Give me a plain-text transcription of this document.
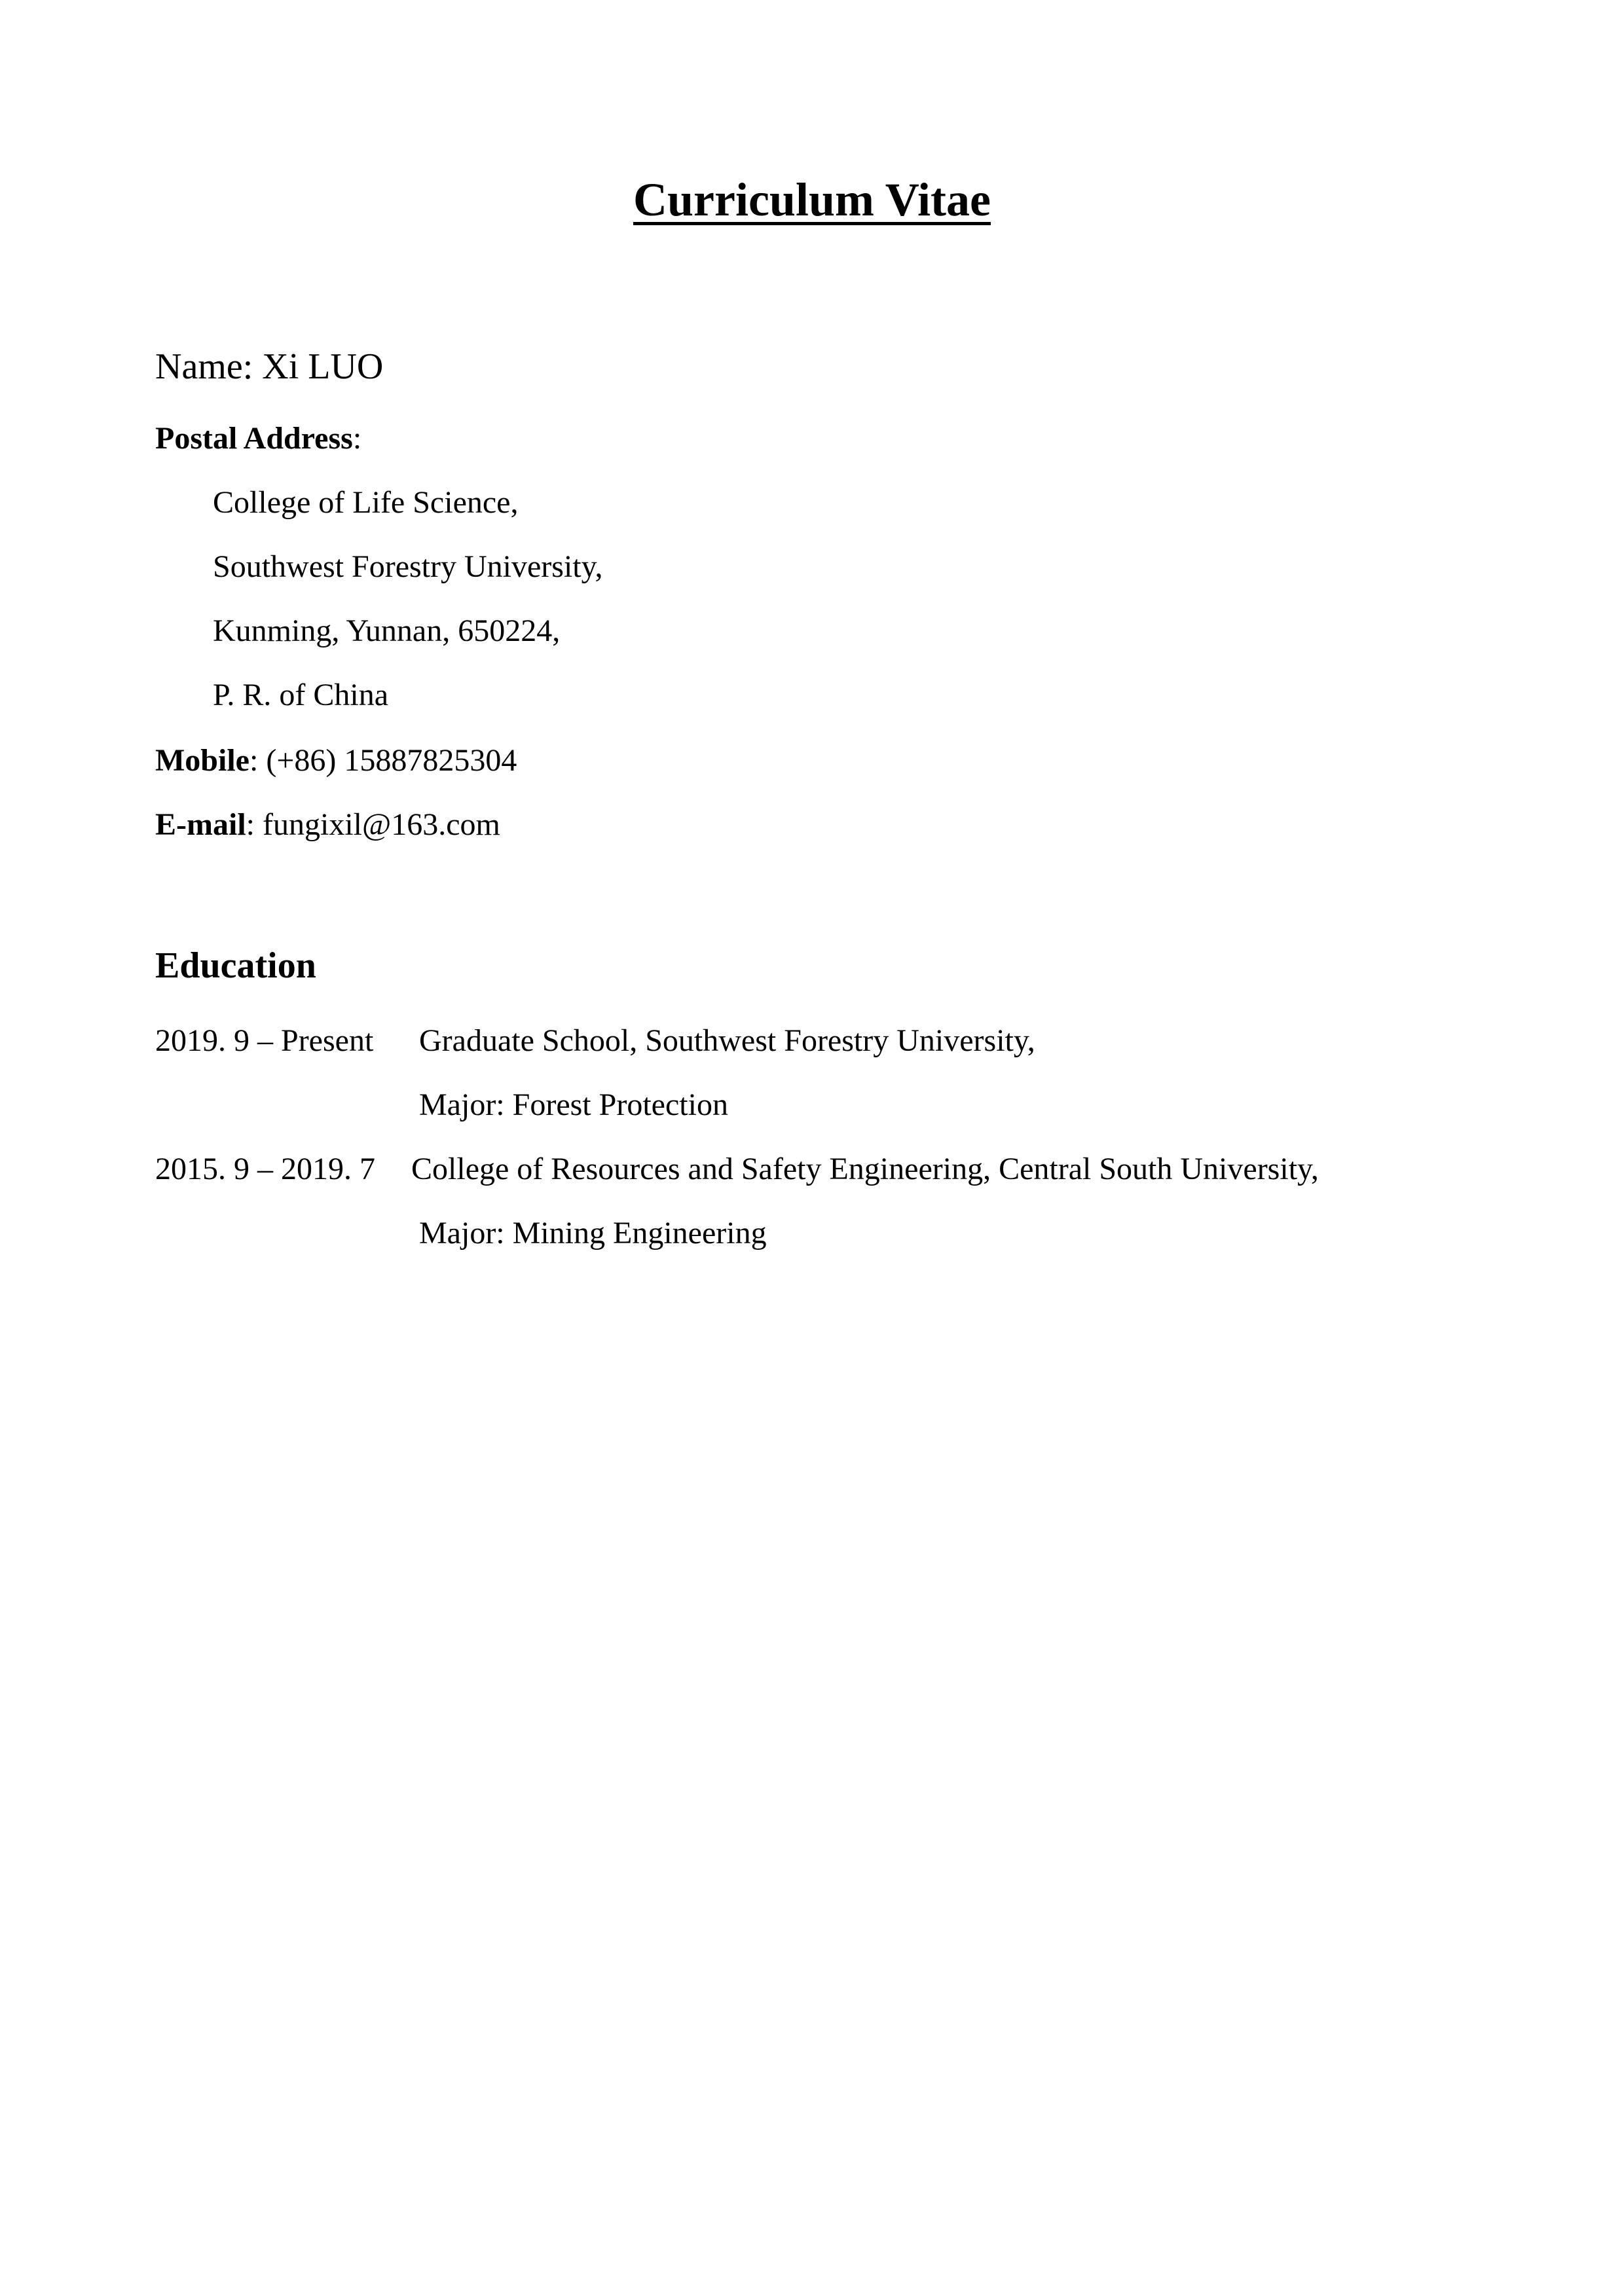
Curriculum Vitae
Name: Xi LUO
Postal Address:
College of Life Science,
Southwest Forestry University,
Kunming, Yunnan, 650224,
P. R. of China
Mobile: (+86) 15887825304
E-mail: fungixil@163.com
Education
2019. 9 – Present Graduate School, Southwest Forestry University,
Major: Forest Protection
2015. 9 – 2019. 7 College of Resources and Safety Engineering, Central South University,
Major: Mining Engineering
